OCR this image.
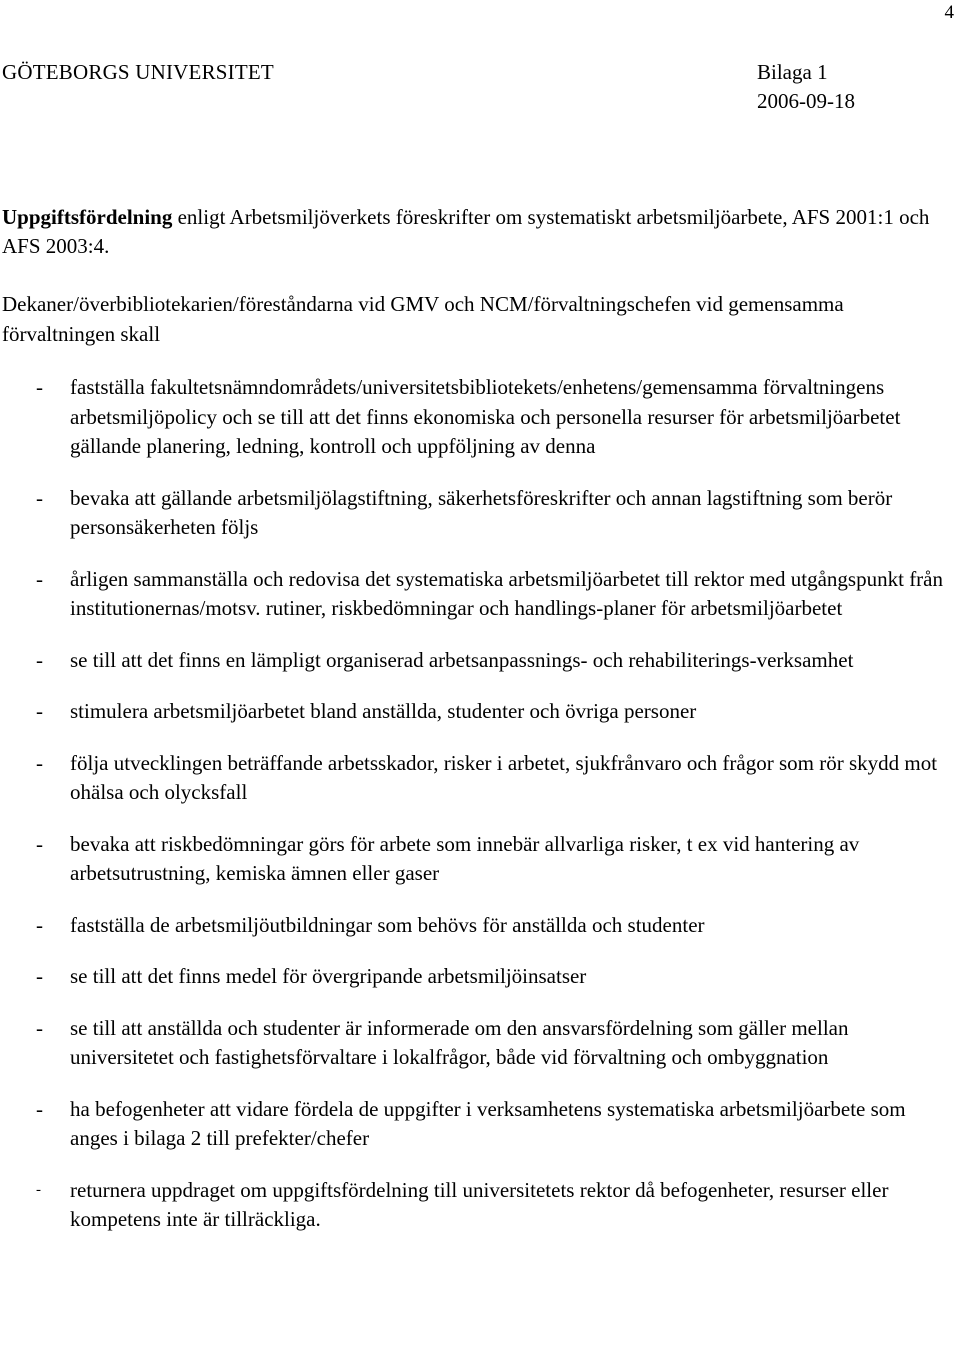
4
GÖTEBORGS UNIVERSITET	Bilaga 1
2006-09-18
Uppgiftsfördelning enligt Arbetsmiljöverkets föreskrifter om systematiskt arbetsmiljöarbete, AFS 2001:1 och AFS 2003:4.
Dekaner/överbibliotekarien/föreståndarna vid GMV och NCM/förvaltningschefen vid gemensamma förvaltningen skall
- fastställa fakultetsnämndområdets/universitetsbibliotekets/enhetens/gemensamma förvaltningens arbetsmiljöpolicy och se till att det finns ekonomiska och personella resurser för arbetsmiljöarbetet gällande planering, ledning, kontroll och uppföljning av denna
- bevaka att gällande arbetsmiljölagstiftning, säkerhetsföreskrifter och annan lagstiftning som berör personsäkerheten följs
- årligen sammanställa och redovisa det systematiska arbetsmiljöarbetet till rektor med utgångspunkt från institutionernas/motsv. rutiner, riskbedömningar och handlings-planer för arbetsmiljöarbetet
- se till att det finns en lämpligt organiserad arbetsanpassnings- och rehabiliterings-verksamhet
- stimulera arbetsmiljöarbetet bland anställda, studenter och övriga personer
- följa utvecklingen beträffande arbetsskador, risker i arbetet, sjukfrånvaro och frågor som rör skydd mot ohälsa och olycksfall
- bevaka att riskbedömningar görs för arbete som innebär allvarliga risker, t ex vid hantering av arbetsutrustning, kemiska ämnen eller gaser
- fastställa de arbetsmiljöutbildningar som behövs för anställda och studenter
- se till att det finns medel för övergripande arbetsmiljöinsatser
- se till att anställda och studenter är informerade om den ansvarsfördelning som gäller mellan universitetet och fastighetsförvaltare i lokalfrågor, både vid förvaltning och ombyggnation
- ha befogenheter att vidare fördela de uppgifter i verksamhetens systematiska arbetsmiljöarbete som anges i bilaga 2 till prefekter/chefer
- returnera uppdraget om uppgiftsfördelning till universitetets rektor då befogenheter, resurser eller kompetens inte är tillräckliga.
